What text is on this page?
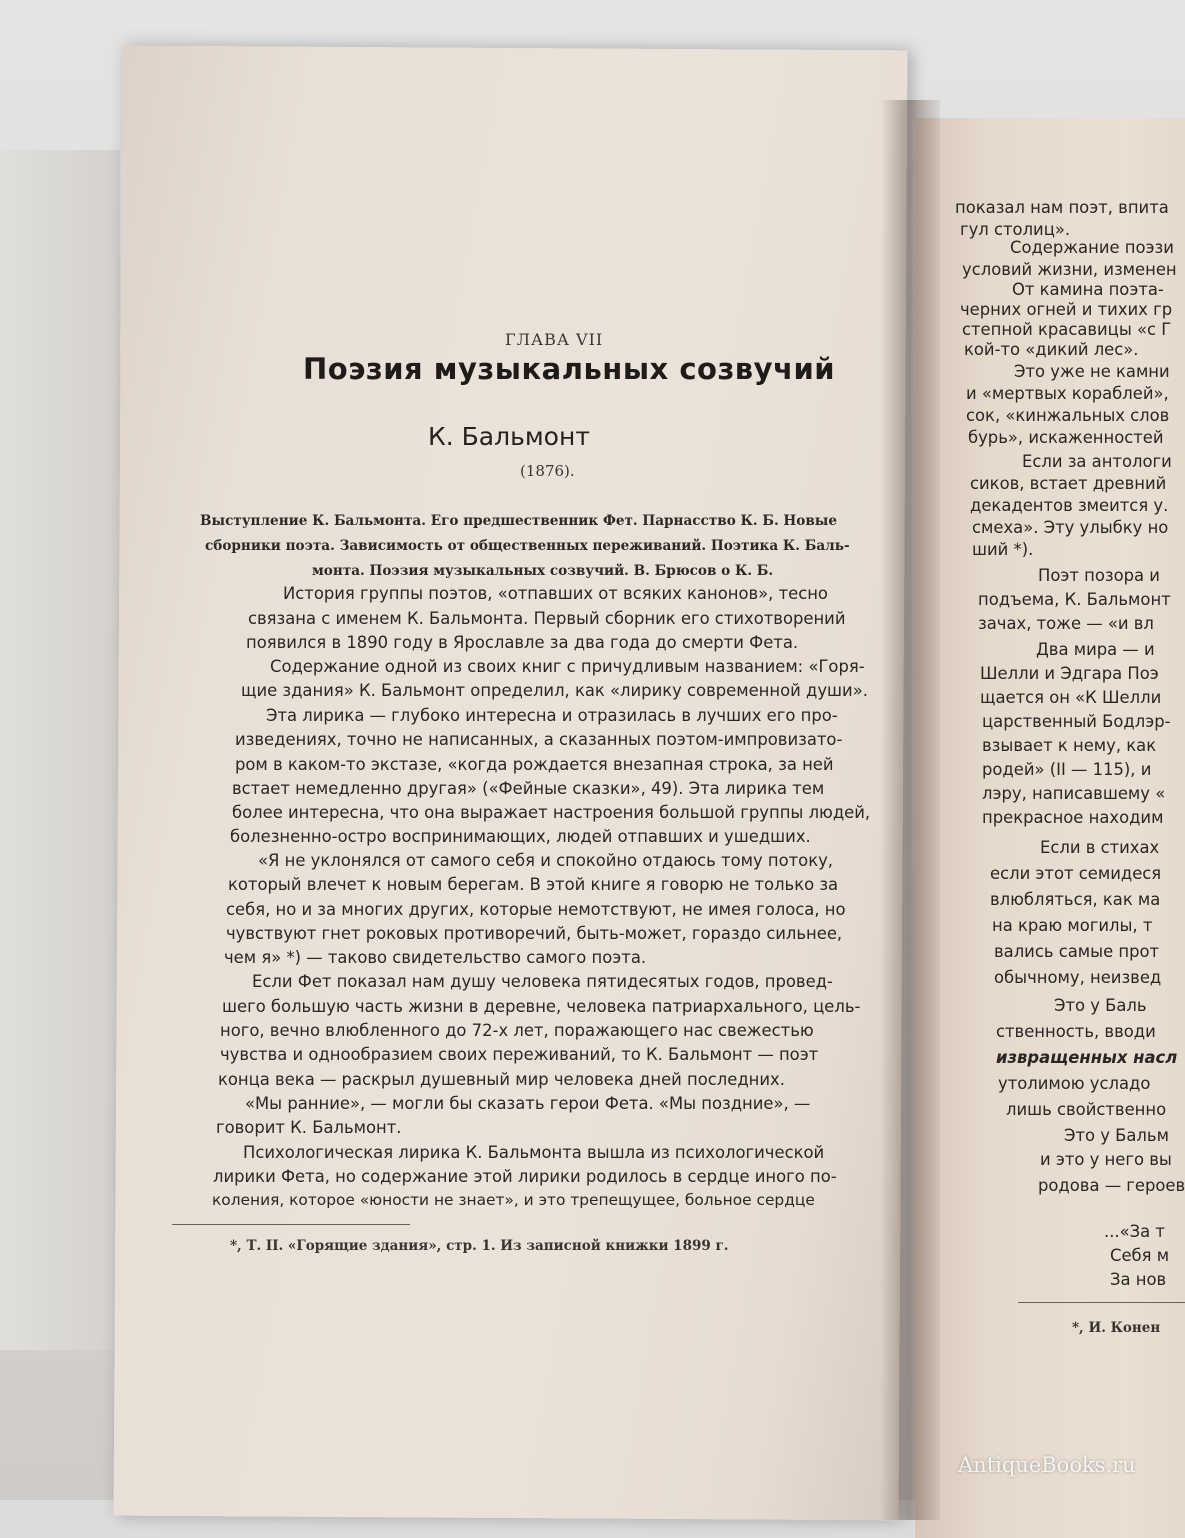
ГЛАВА VII
Поэзия музыкальных созвучий
К. Бальмонт
(1876).
Выступление К. Бальмонта. Его предшественник Фет. Парнасство К. Б. Новые
сборники поэта. Зависимость от общественных переживаний. Поэтика К. Баль-
монта. Поэзия музыкальных созвучий. В. Брюсов о К. Б.
История группы поэтов, «отпавших от всяких канонов», тесно
связана с именем К. Бальмонта. Первый сборник его стихотворений
появился в 1890 году в Ярославле за два года до смерти Фета.
Содержание одной из своих книг с причудливым названием: «Горя-
щие здания» К. Бальмонт определил, как «лирику современной души».
Эта лирика — глубоко интересна и отразилась в лучших его про-
изведениях, точно не написанных, а сказанных поэтом-импровизато-
ром в каком-то экстазе, «когда рождается внезапная строка, за ней
встает немедленно другая» («Фейные сказки», 49). Эта лирика тем
более интересна, что она выражает настроения большой группы людей,
болезненно-остро воспринимающих, людей отпавших и ушедших.
«Я не уклонялся от самого себя и спокойно отдаюсь тому потоку,
который влечет к новым берегам. В этой книге я говорю не только за
себя, но и за многих других, которые немотствуют, не имея голоса, но
чувствуют гнет роковых противоречий, быть-может, гораздо сильнее,
чем я» *) — таково свидетельство самого поэта.
Если Фет показал нам душу человека пятидесятых годов, провед-
шего большую часть жизни в деревне, человека патриархального, цель-
ного, вечно влюбленного до 72-х лет, поражающего нас свежестью
чувства и однообразием своих переживаний, то К. Бальмонт — поэт
конца века — раскрыл душевный мир человека дней последних.
«Мы ранние», — могли бы сказать герои Фета. «Мы поздние», —
говорит К. Бальмонт.
Психологическая лирика К. Бальмонта вышла из психологической
лирики Фета, но содержание этой лирики родилось в сердце иного по-
коления, которое «юности не знает», и это трепещущее, больное сердце
*, Т. II. «Горящие здания», стр. 1. Из записной книжки 1899 г.
показал нам поэт, впита
гул столиц».
Содержание поэзи
условий жизни, изменен
От камина поэта-
черних огней и тихих гр
степной красавицы «с Г
кой-то «дикий лес».
Это уже не камни
и «мертвых кораблей»,
сок, «кинжальных слов
бурь», искаженностей
Если за антологи
сиков, встает древний
декадентов змеится у.
смеха». Эту улыбку но
ший *).
Поэт позора и
подъема, К. Бальмонт
зачах, тоже — «и вл
Два мира — и
Шелли и Эдгара Поэ
щается он «К Шелли
царственный Бодлэр-
взывает к нему, как
родей» (II — 115), и
лэру, написавшему «
прекрасное находим
Если в стихах
если этот семидеся
влюбляться, как ма
на краю могилы, т
вались самые прот
обычному, неизвед
Это у Баль
ственность, вводи
извращенных насл
утолимою усладо
лишь свойственно
Это у Бальм
и это у него вы
родова — героев
...«За т
Себя м
За нов
*, И. Конен
AntiqueBooks.ru
